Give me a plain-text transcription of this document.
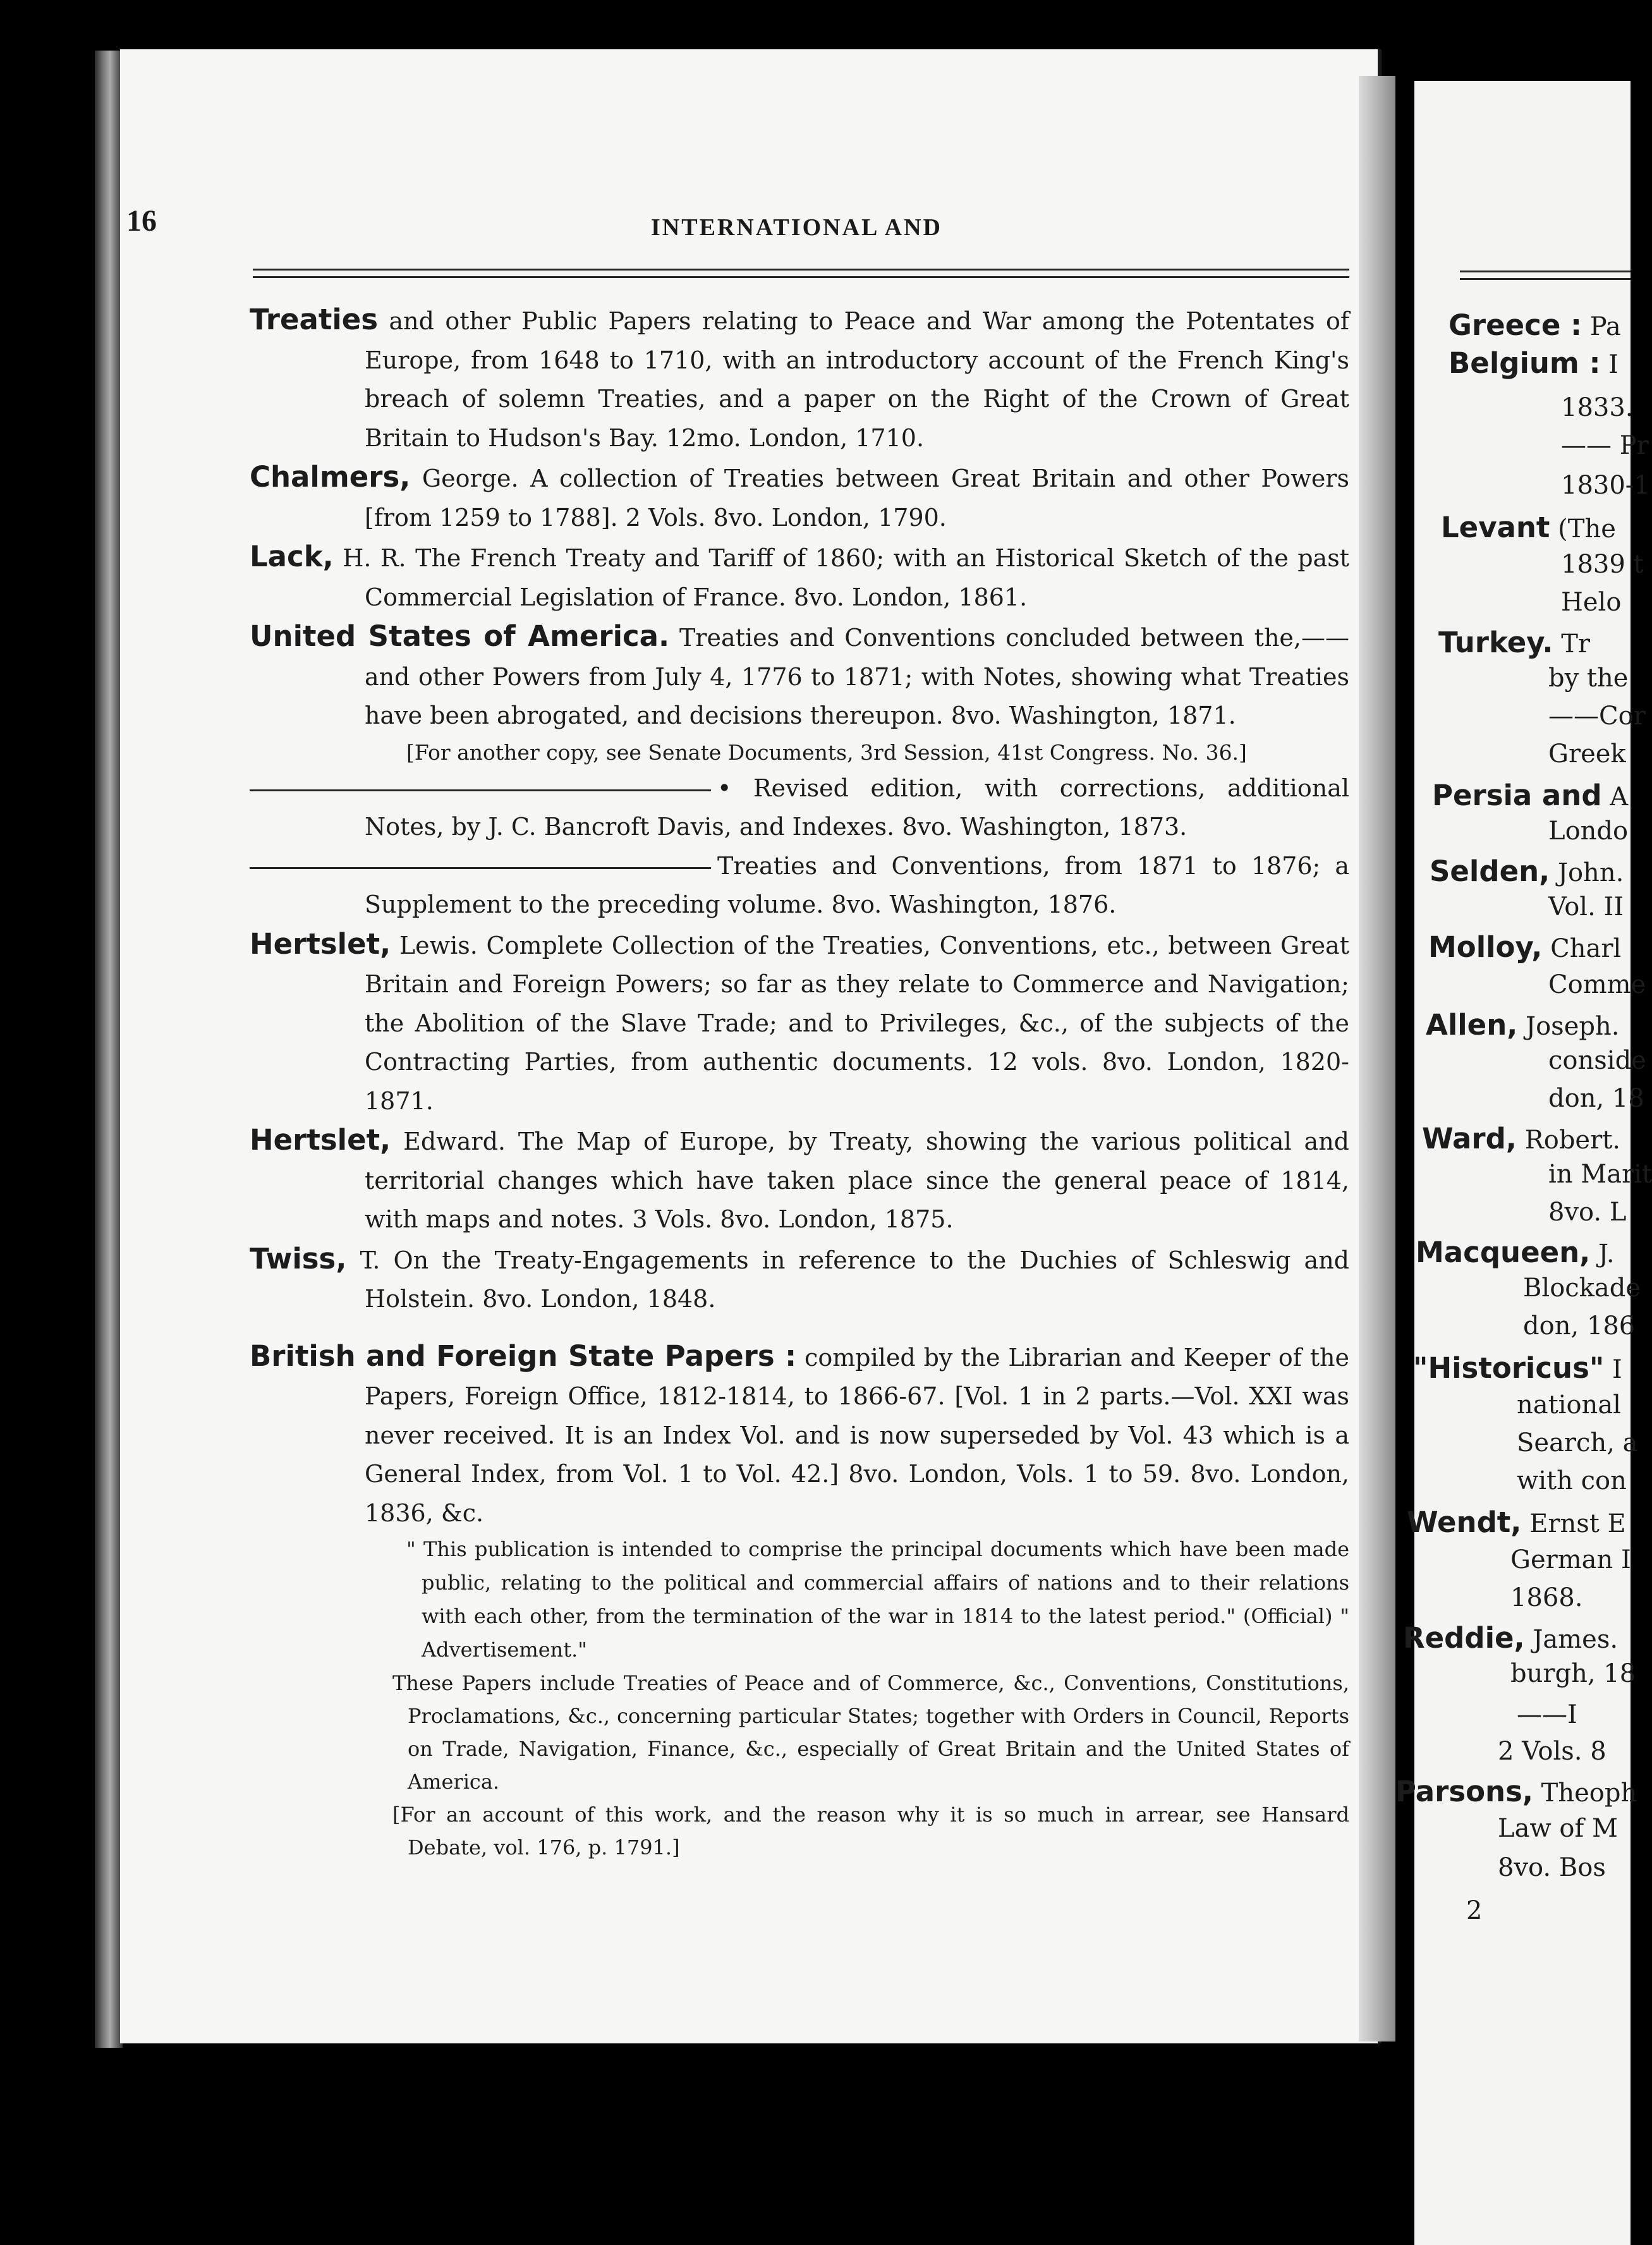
16	INTERNATIONAL AND
Treaties and other Public Papers relating to Peace and War among the Potentates of Europe, from 1648 to 1710, with an introductory account of the French King's breach of solemn Treaties, and a paper on the Right of the Crown of Great Britain to Hudson's Bay. 12mo. London, 1710.
Chalmers, George. A collection of Treaties between Great Britain and other Powers [from 1259 to 1788]. 2 Vols. 8vo. London, 1790.
Lack, H. R. The French Treaty and Tariff of 1860; with an Historical Sketch of the past Commercial Legislation of France. 8vo. London, 1861.
United States of America. Treaties and Conventions concluded between the,—— and other Powers from July 4, 1776 to 1871; with Notes, showing what Treaties have been abrogated, and decisions thereupon. 8vo. Washington, 1871.
[For another copy, see Senate Documents, 3rd Session, 41st Congress. No. 36.]
• Revised edition, with corrections, additional Notes, by J. C. Bancroft Davis, and Indexes. 8vo. Washington, 1873.
Treaties and Conventions, from 1871 to 1876; a Supplement to the preceding volume. 8vo. Washington, 1876.
Hertslet, Lewis. Complete Collection of the Treaties, Conventions, etc., between Great Britain and Foreign Powers; so far as they relate to Commerce and Navigation; the Abolition of the Slave Trade; and to Privileges, &c., of the subjects of the Contracting Parties, from authentic documents. 12 vols. 8vo. London, 1820-1871.
Hertslet, Edward. The Map of Europe, by Treaty, showing the various political and territorial changes which have taken place since the general peace of 1814, with maps and notes. 3 Vols. 8vo. London, 1875.
Twiss, T. On the Treaty-Engagements in reference to the Duchies of Schleswig and Holstein. 8vo. London, 1848.
British and Foreign State Papers : compiled by the Librarian and Keeper of the Papers, Foreign Office, 1812-1814, to 1866-67. [Vol. 1 in 2 parts.—Vol. XXI was never received. It is an Index Vol. and is now superseded by Vol. 43 which is a General Index, from Vol. 1 to Vol. 42.] 8vo. London, Vols. 1 to 59. 8vo. London, 1836, &c.
" This publication is intended to comprise the principal documents which have been made public, relating to the political and commercial affairs of nations and to their relations with each other, from the termination of the war in 1814 to the latest period." (Official) " Advertisement."
These Papers include Treaties of Peace and of Commerce, &c., Conventions, Constitutions, Proclamations, &c., concerning particular States; together with Orders in Council, Reports on Trade, Navigation, Finance, &c., especially of Great Britain and the United States of America.
[For an account of this work, and the reason why it is so much in arrear, see Hansard Debate, vol. 176, p. 1791.]
Greece : Pa
Belgium : I
1833.
—— Pr
1830-1
Levant (The
1839 t
Helo
Turkey. Tr
by the
——Cor
Greek
Persia and A
Londo
Selden, John.
Vol. II
Molloy, Charl
Comme
Allen, Joseph.
conside
don, 18
Ward, Robert.
in Marit
8vo. L
Macqueen, J.
Blockade
don, 186
"Historicus" I
national
Search, a
with con
Wendt, Ernst E
German I
1868.
Reddie, James.
burgh, 18
——I
2 Vols. 8
Parsons, Theoph
Law of M
8vo. Bos
2
